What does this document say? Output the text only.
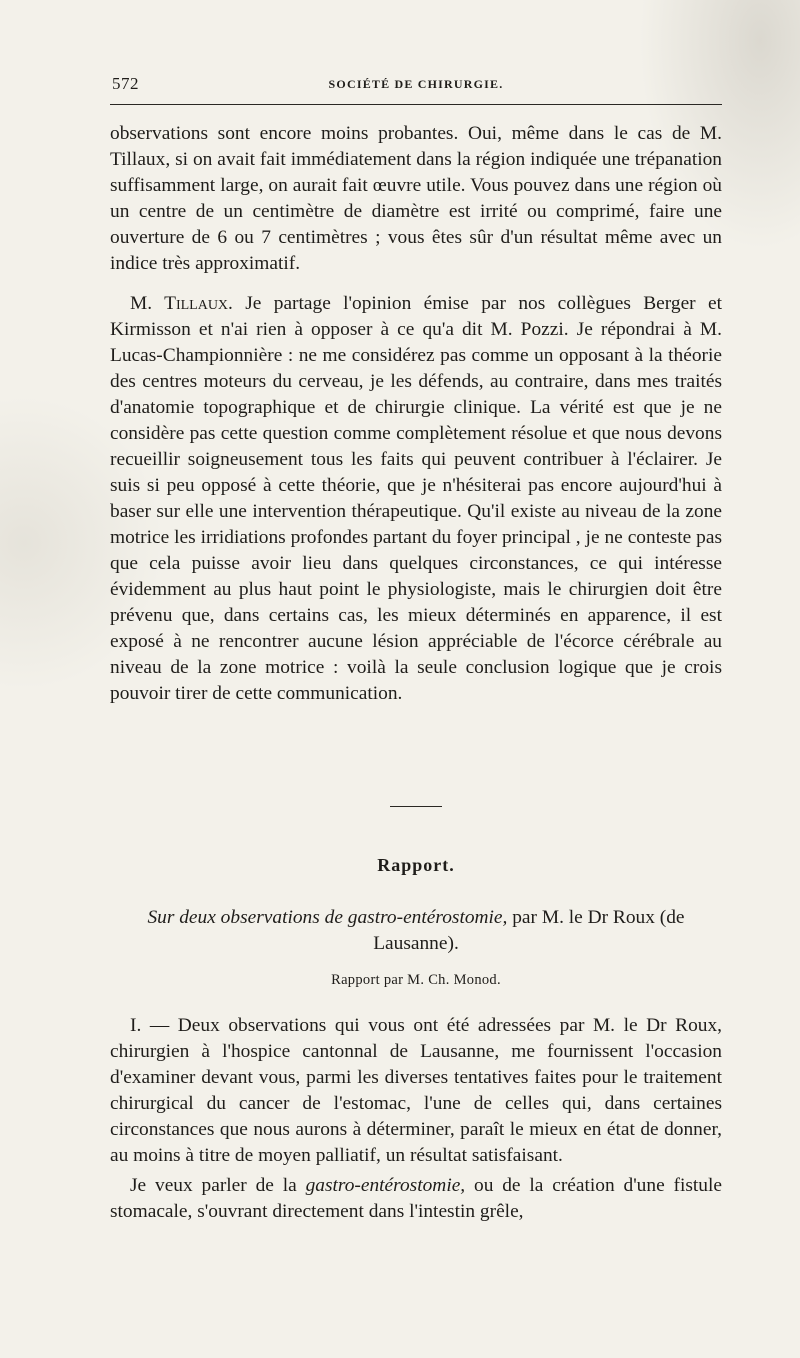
572	SOCIÉTÉ DE CHIRURGIE.

observations sont encore moins probantes. Oui, même dans le cas de M. Tillaux, si on avait fait immédiatement dans la région indiquée une trépanation suffisamment large, on aurait fait œuvre utile. Vous pouvez dans une région où un centre de un centimètre de diamètre est irrité ou comprimé, faire une ouverture de 6 ou 7 centimètres ; vous êtes sûr d'un résultat même avec un indice très approximatif.

M. Tillaux. Je partage l'opinion émise par nos collègues Berger et Kirmisson et n'ai rien à opposer à ce qu'a dit M. Pozzi. Je répondrai à M. Lucas-Championnière : ne me considérez pas comme un opposant à la théorie des centres moteurs du cerveau, je les défends, au contraire, dans mes traités d'anatomie topographique et de chirurgie clinique. La vérité est que je ne considère pas cette question comme complètement résolue et que nous devons recueillir soigneusement tous les faits qui peuvent contribuer à l'éclairer. Je suis si peu opposé à cette théorie, que je n'hésiterai pas encore aujourd'hui à baser sur elle une intervention thérapeutique. Qu'il existe au niveau de la zone motrice les irridiations profondes partant du foyer principal , je ne conteste pas que cela puisse avoir lieu dans quelques circonstances, ce qui intéresse évidemment au plus haut point le physiologiste, mais le chirurgien doit être prévenu que, dans certains cas, les mieux déterminés en apparence, il est exposé à ne rencontrer aucune lésion appréciable de l'écorce cérébrale au niveau de la zone motrice : voilà la seule conclusion logique que je crois pouvoir tirer de cette communication.

Rapport.
Sur deux observations de gastro-entérostomie, par M. le Dr Roux (de Lausanne).
Rapport par M. Ch. Monod.

I. — Deux observations qui vous ont été adressées par M. le Dr Roux, chirurgien à l'hospice cantonnal de Lausanne, me fournissent l'occasion d'examiner devant vous, parmi les diverses tentatives faites pour le traitement chirurgical du cancer de l'estomac, l'une de celles qui, dans certaines circonstances que nous aurons à déterminer, paraît le mieux en état de donner, au moins à titre de moyen palliatif, un résultat satisfaisant.

Je veux parler de la gastro-entérostomie, ou de la création d'une fistule stomacale, s'ouvrant directement dans l'intestin grêle,
